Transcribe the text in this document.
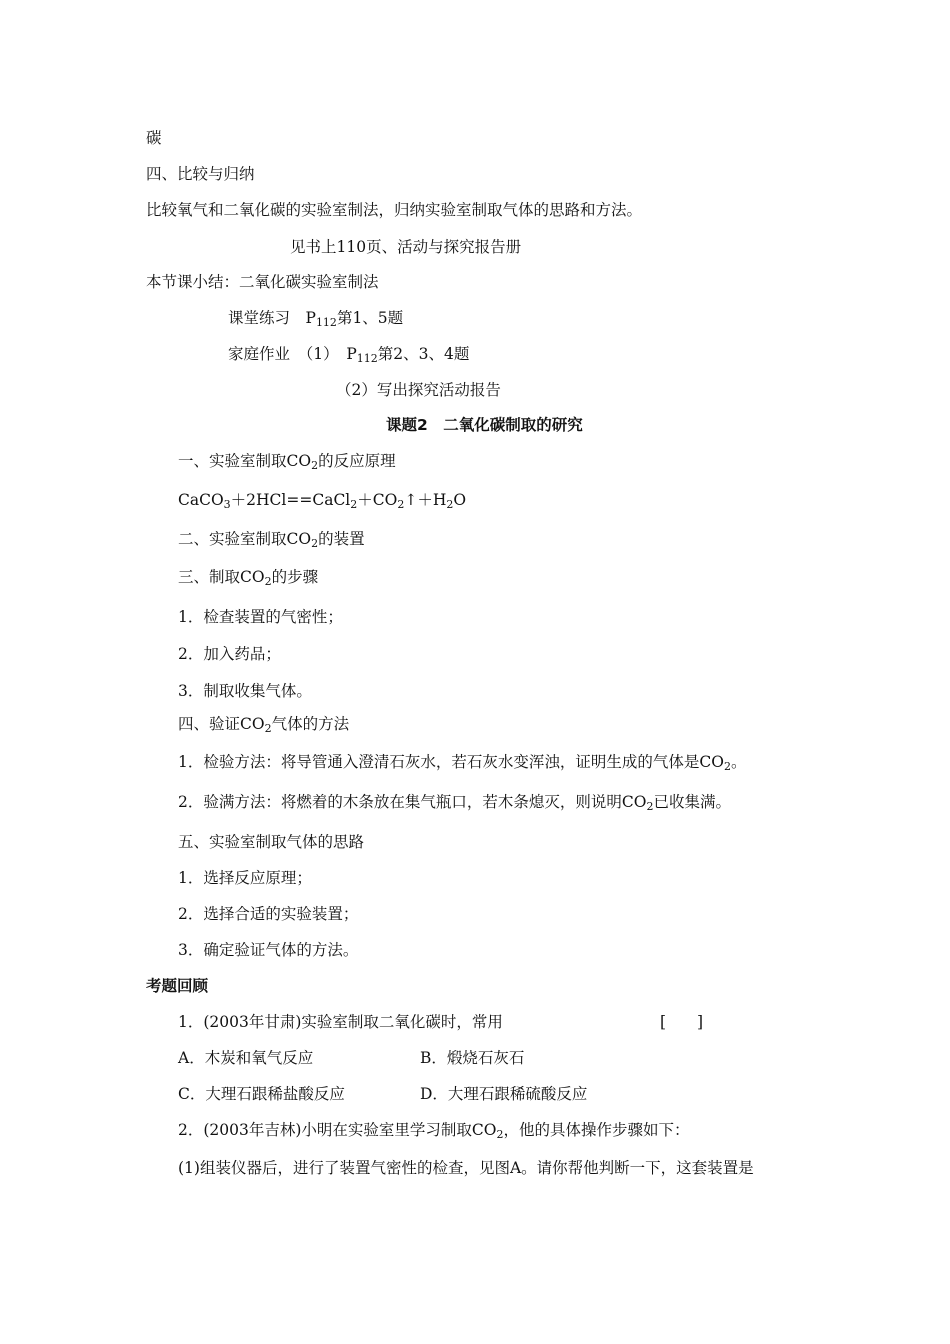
碳
四、比较与归纳
比较氧气和二氧化碳的实验室制法，归纳实验室制取气体的思路和方法。
见书上110页、活动与探究报告册
本节课小结：二氧化碳实验室制法
课堂练习　$P_{112}$第1、5题
家庭作业　（1）　$P_{112}$第2、3、4题
（2）写出探究活动报告
课题2　二氧化碳制取的研究
一、实验室制取$CO_2$的反应原理
$CaCO_3+2HCl==CaCl_2+CO_2↑+H_2O$
二、实验室制取$CO_2$的装置
三、制取$CO_2$的步骤
1．检查装置的气密性；
2．加入药品；
3．制取收集气体。
四、验证$CO_2$气体的方法
1．检验方法：将导管通入澄清石灰水，若石灰水变浑浊，证明生成的气体是$CO_2$。
2．验满方法：将燃着的木条放在集气瓶口，若木条熄灭，则说明$CO_2$已收集满。
五、实验室制取气体的思路
1．选择反应原理；
2．选择合适的实验装置；
3．确定验证气体的方法。
考题回顾
1．(2003年甘肃)实验室制取二氧化碳时，常用	[　　]
A．木炭和氧气反应	B．煅烧石灰石
C．大理石跟稀盐酸反应	D．大理石跟稀硫酸反应
2．(2003年吉林)小明在实验室里学习制取$CO_2$，他的具体操作步骤如下：
(1)组装仪器后，进行了装置气密性的检查，见图A。请你帮他判断一下，这套装置是
